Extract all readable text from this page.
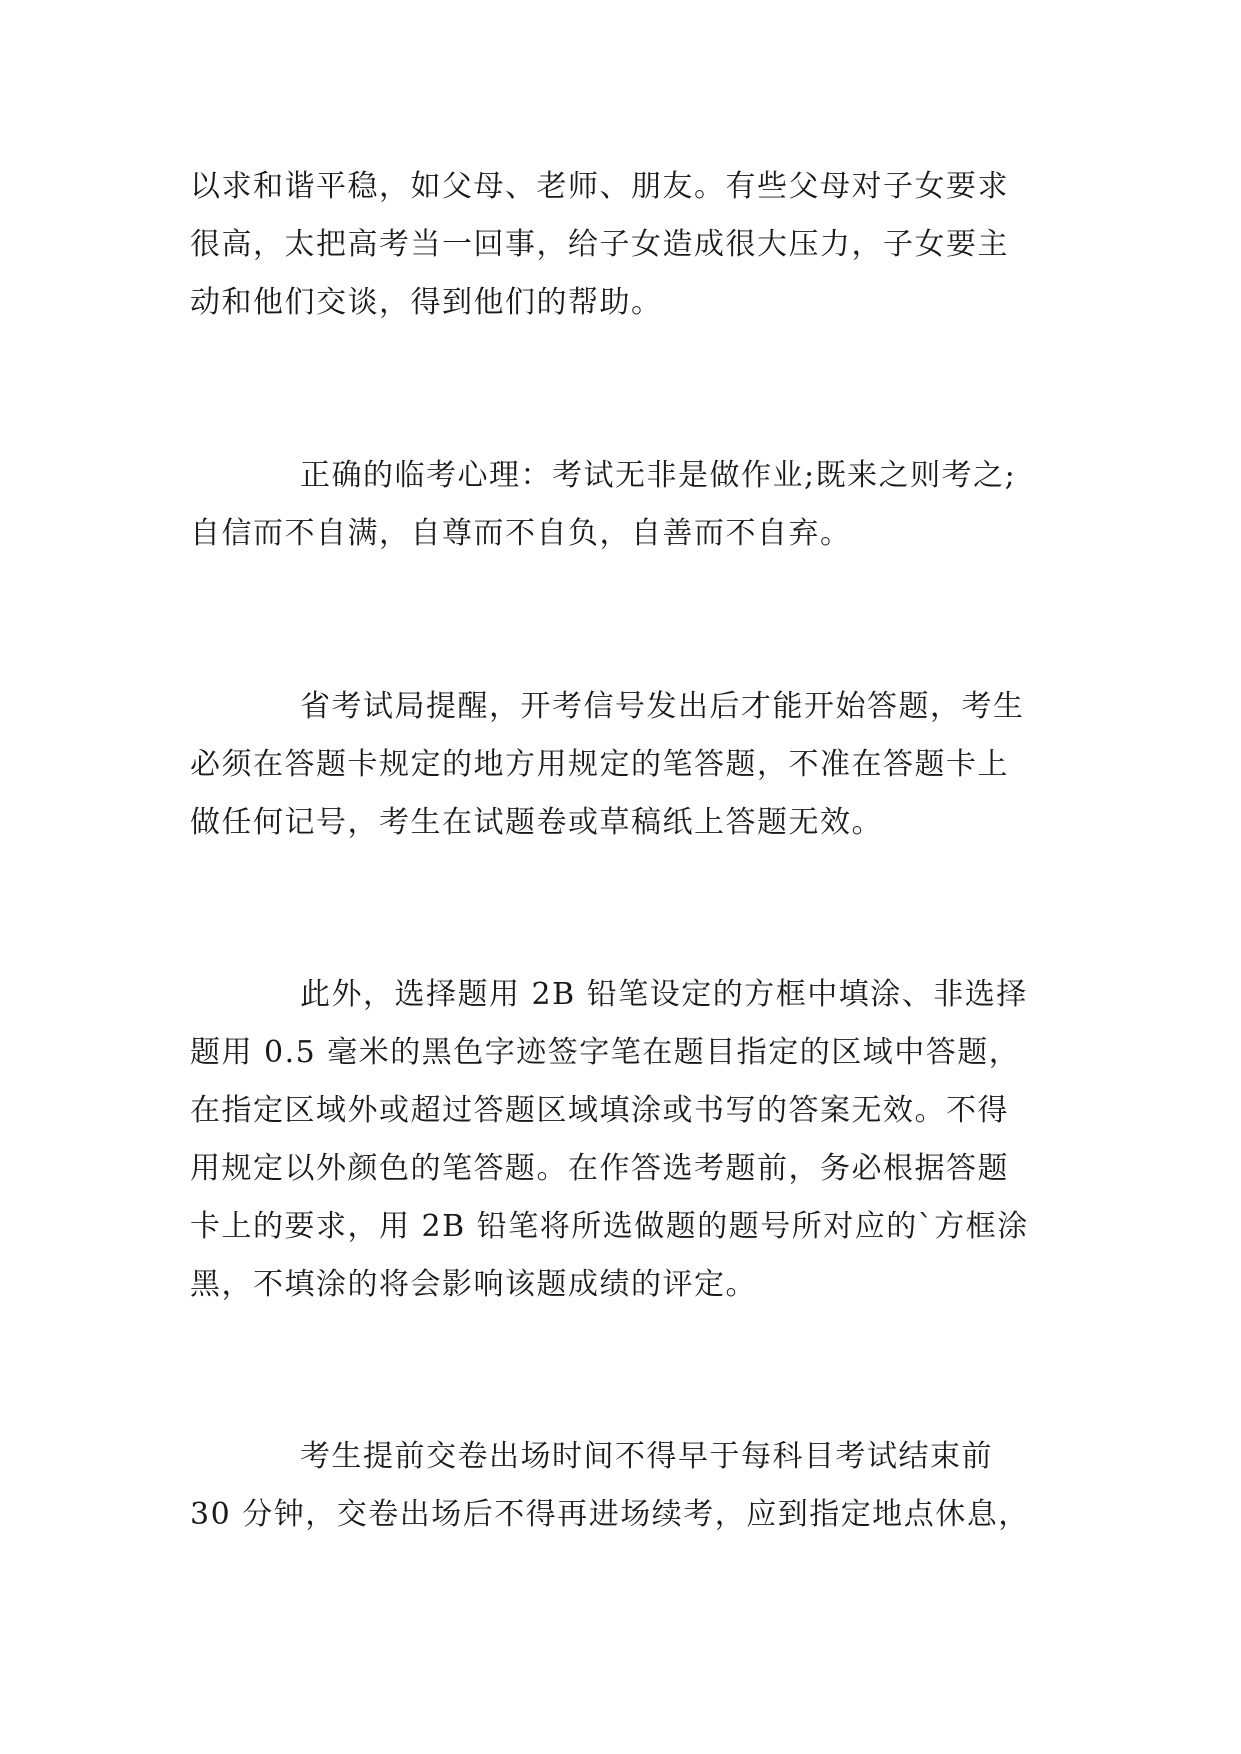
以求和谐平稳，如父母、老师、朋友。有些父母对子女要求
很高，太把高考当一回事，给子女造成很大压力，子女要主
动和他们交谈，得到他们的帮助。
正确的临考心理：考试无非是做作业;既来之则考之;
自信而不自满，自尊而不自负，自善而不自弃。
省考试局提醒，开考信号发出后才能开始答题，考生
必须在答题卡规定的地方用规定的笔答题，不准在答题卡上
做任何记号，考生在试题卷或草稿纸上答题无效。
此外，选择题用 2B 铅笔设定的方框中填涂、非选择
题用 0.5 毫米的黑色字迹签字笔在题目指定的区域中答题，
在指定区域外或超过答题区域填涂或书写的答案无效。不得
用规定以外颜色的笔答题。在作答选考题前，务必根据答题
卡上的要求，用 2B 铅笔将所选做题的题号所对应的`方框涂
黑，不填涂的将会影响该题成绩的评定。
考生提前交卷出场时间不得早于每科目考试结束前
30 分钟，交卷出场后不得再进场续考，应到指定地点休息，
